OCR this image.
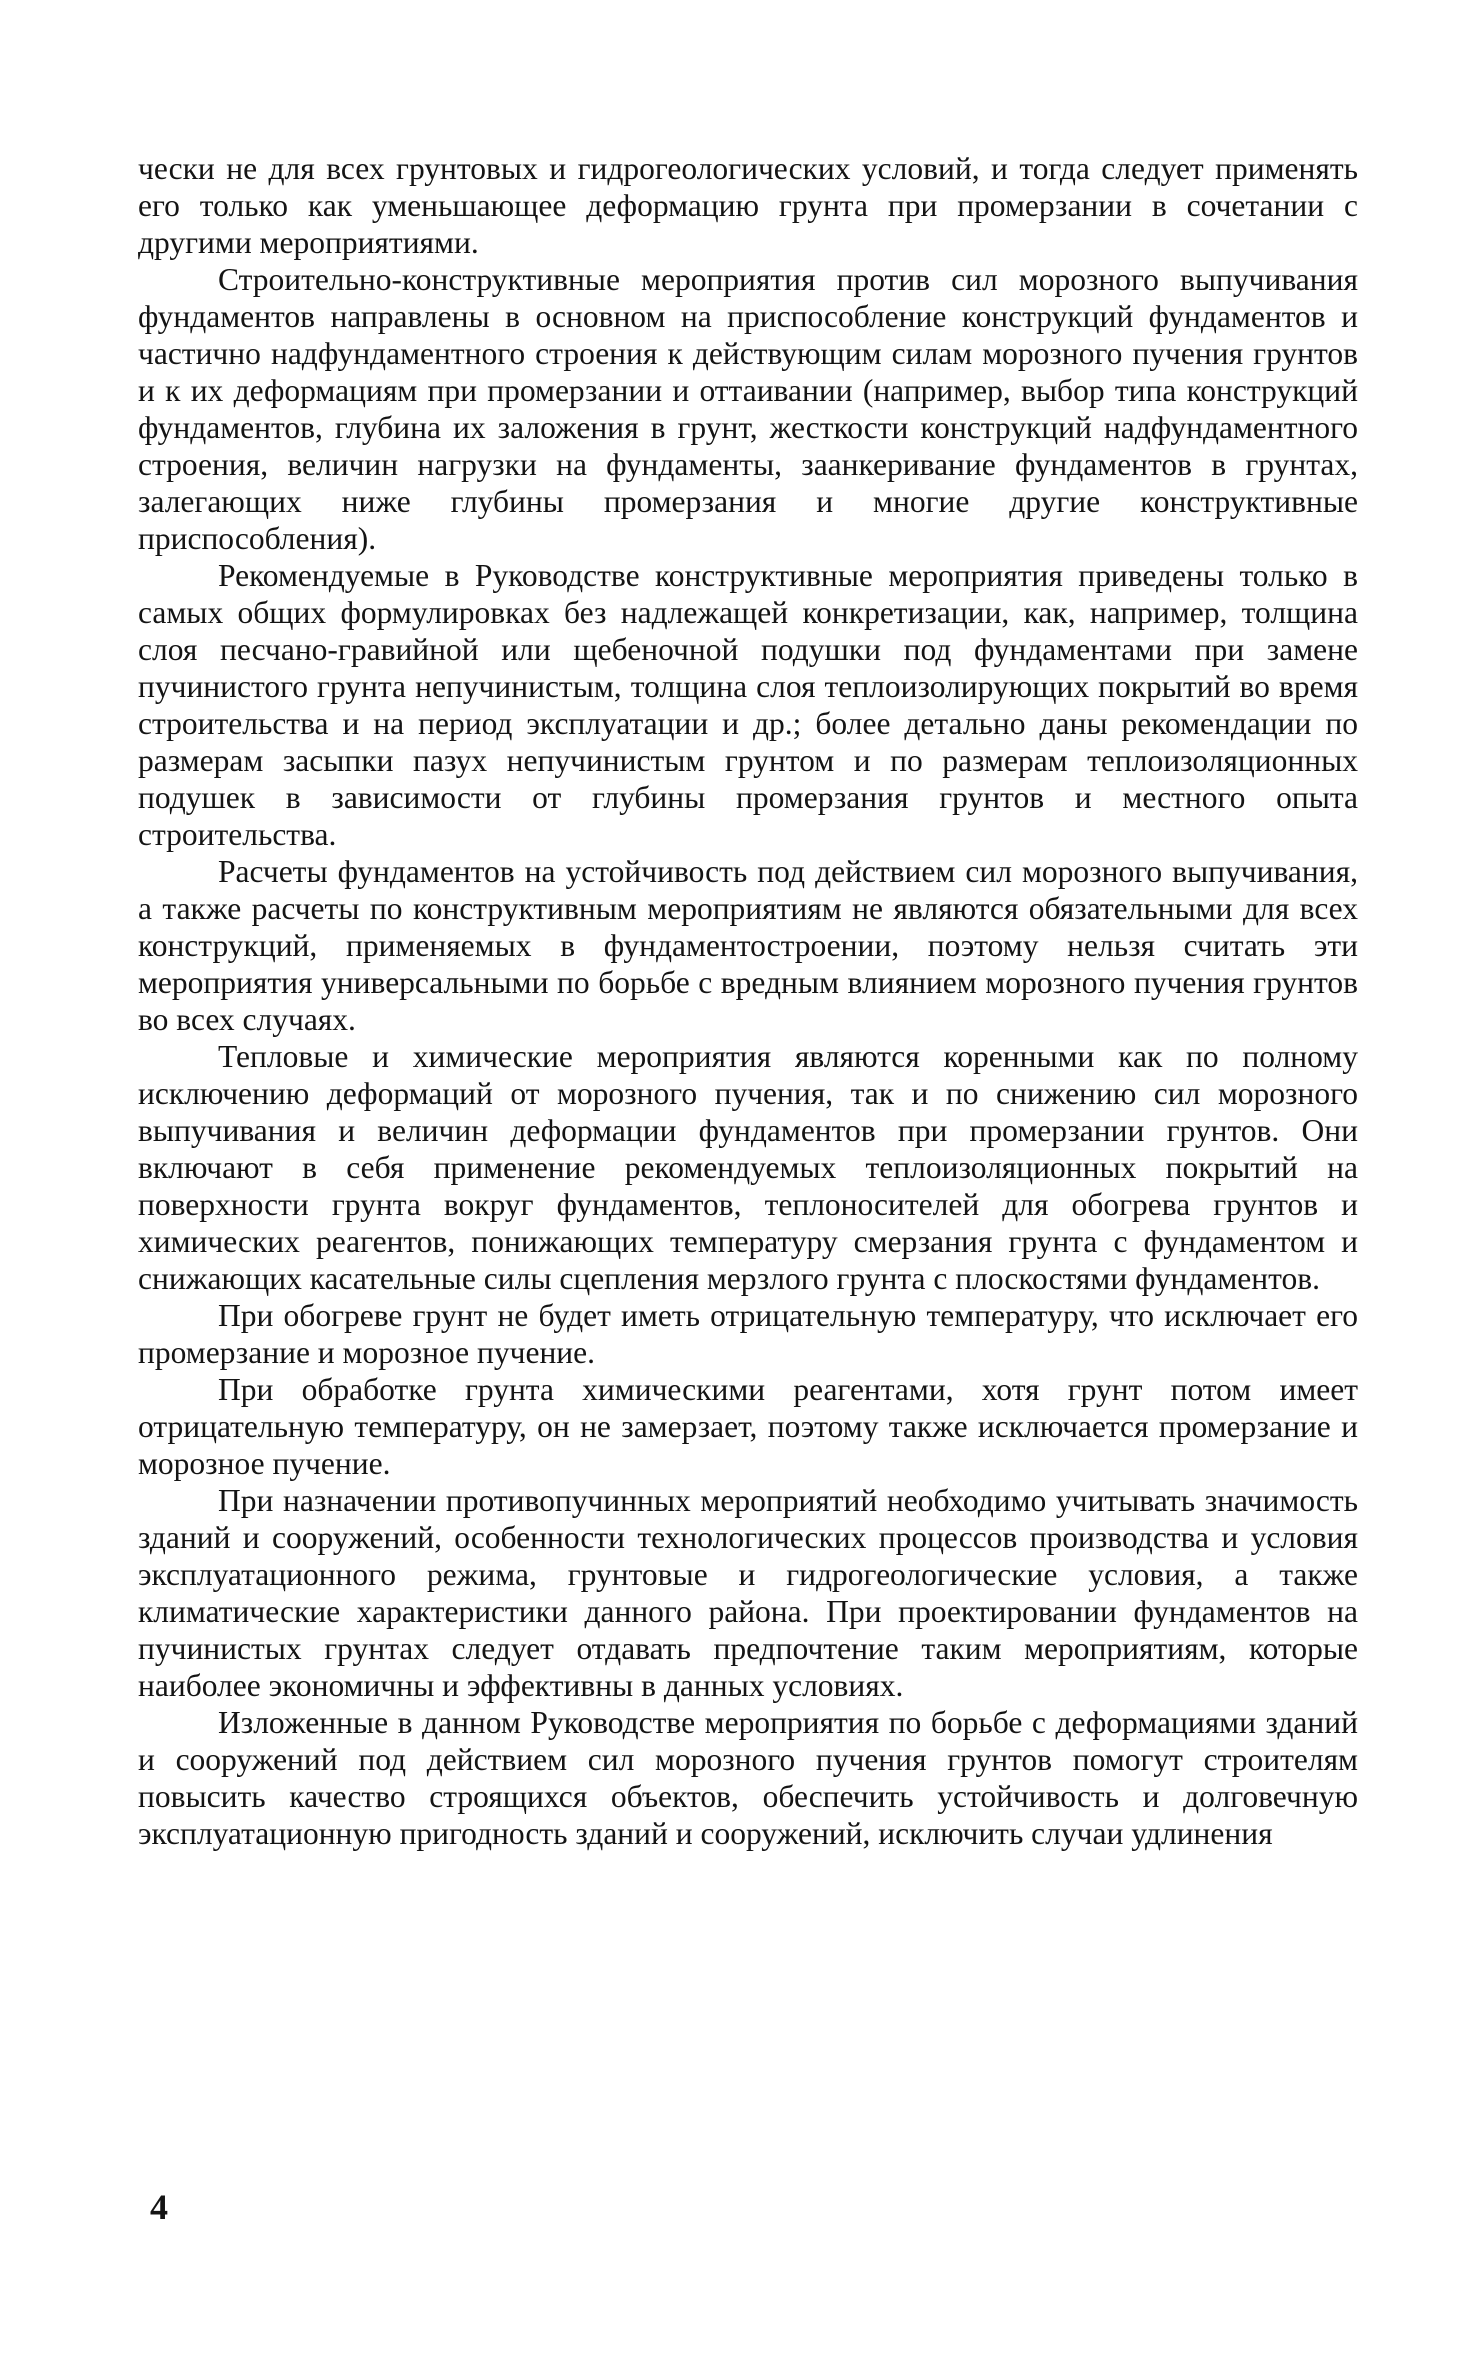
чески не для всех грунтовых и гидрогеологических условий, и тогда следует применять его только как уменьшающее деформацию грунта при промерзании в сочетании с другими мероприятиями.

Строительно-конструктивные мероприятия против сил морозного выпучивания фундаментов направлены в основном на приспособление конструкций фундаментов и частично надфундаментного строения к действующим силам морозного пучения грунтов и к их деформациям при промерзании и оттаивании (например, выбор типа конструкций фундаментов, глубина их заложения в грунт, жесткости конструкций надфундаментного строения, величин нагрузки на фундаменты, заанкеривание фундаментов в грунтах, залегающих ниже глубины промерзания и многие другие конструктивные приспособления).

Рекомендуемые в Руководстве конструктивные мероприятия приведены только в самых общих формулировках без надлежащей конкретизации, как, например, толщина слоя песчано-гравийной или щебеночной подушки под фундаментами при замене пучинистого грунта непучинистым, толщина слоя теплоизолирующих покрытий во время строительства и на период эксплуатации и др.; более детально даны рекомендации по размерам засыпки пазух непучинистым грунтом и по размерам теплоизоляционных подушек в зависимости от глубины промерзания грунтов и местного опыта строительства.

Расчеты фундаментов на устойчивость под действием сил морозного выпучивания, а также расчеты по конструктивным мероприятиям не являются обязательными для всех конструкций, применяемых в фундаментостроении, поэтому нельзя считать эти мероприятия универсальными по борьбе с вредным влиянием морозного пучения грунтов во всех случаях.

Тепловые и химические мероприятия являются коренными как по полному исключению деформаций от морозного пучения, так и по снижению сил морозного выпучивания и величин деформации фундаментов при промерзании грунтов. Они включают в себя применение рекомендуемых теплоизоляционных покрытий на поверхности грунта вокруг фундаментов, теплоносителей для обогрева грунтов и химических реагентов, понижающих температуру смерзания грунта с фундаментом и снижающих касательные силы сцепления мерзлого грунта с плоскостями фундаментов.

При обогреве грунт не будет иметь отрицательную температуру, что исключает его промерзание и морозное пучение.

При обработке грунта химическими реагентами, хотя грунт потом имеет отрицательную температуру, он не замерзает, поэтому также исключается промерзание и морозное пучение.

При назначении противопучинных мероприятий необходимо учитывать значимость зданий и сооружений, особенности технологических процессов производства и условия эксплуатационного режима, грунтовые и гидрогеологические условия, а также климатические характеристики данного района. При проектировании фундаментов на пучинистых грунтах следует отдавать предпочтение таким мероприятиям, которые наиболее экономичны и эффективны в данных условиях.

Изложенные в данном Руководстве мероприятия по борьбе с деформациями зданий и сооружений под действием сил морозного пучения грунтов помогут строителям повысить качество строящихся объектов, обеспечить устойчивость и долговечную эксплуатационную пригодность зданий и сооружений, исключить случаи удлинения

4
